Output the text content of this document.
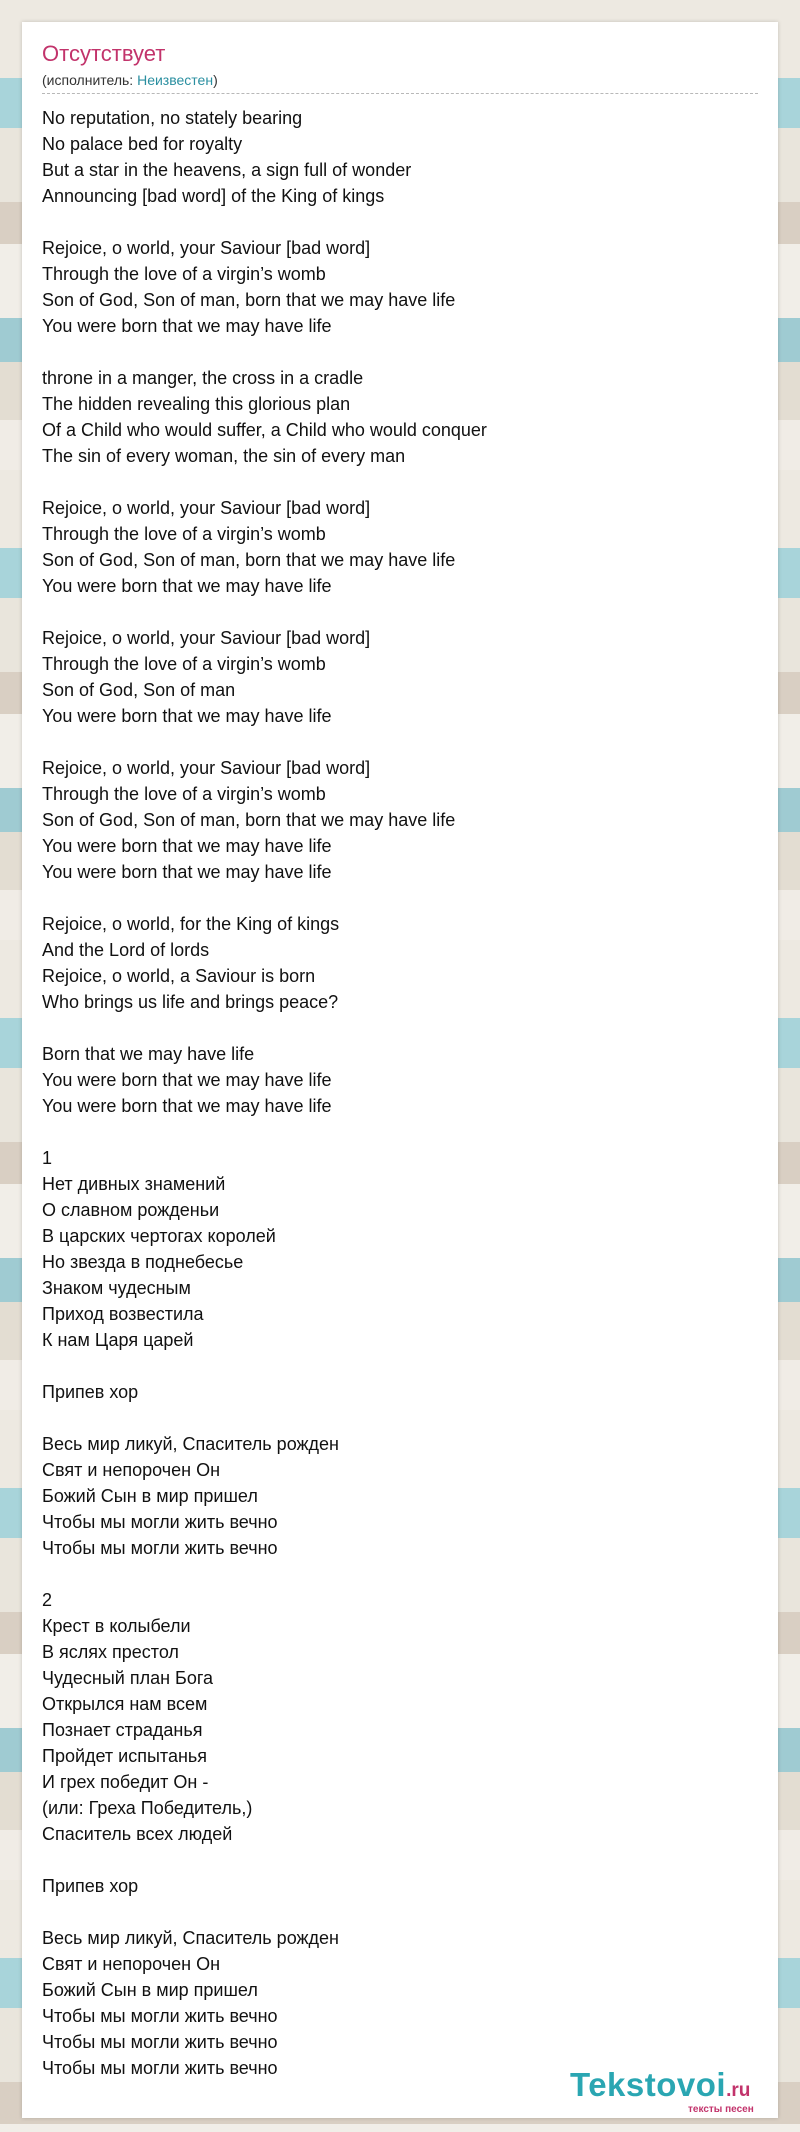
Отсутствует
(исполнитель: Неизвестен)
No reputation, no stately bearing
No palace bed for royalty
But a star in the heavens, a sign full of wonder
Announcing [bad word] of the King of kings
Rejoice, o world, your Saviour [bad word]
Through the love of a virgin’s womb
Son of God, Son of man, born that we may have life
You were born that we may have life
throne in a manger, the cross in a cradle
The hidden revealing this glorious plan
Of a Child who would suffer, a Child who would conquer
The sin of every woman, the sin of every man
Rejoice, o world, your Saviour [bad word]
Through the love of a virgin’s womb
Son of God, Son of man, born that we may have life
You were born that we may have life
Rejoice, o world, your Saviour [bad word]
Through the love of a virgin’s womb
Son of God, Son of man
You were born that we may have life
Rejoice, o world, your Saviour [bad word]
Through the love of a virgin’s womb
Son of God, Son of man, born that we may have life
You were born that we may have life
You were born that we may have life
Rejoice, o world, for the King of kings
And the Lord of lords
Rejoice, o world, a Saviour is born
Who brings us life and brings peace?
Born that we may have life
You were born that we may have life
You were born that we may have life
1
Нет дивных знамений
О славном рожденьи
В царских чертогах королей
Но звезда в поднебесье
Знаком чудесным
Приход возвестила
К нам Царя царей
Припев хор
Весь мир ликуй, Спаситель рожден
Свят и непорочен Он
Божий Сын в мир пришел
Чтобы мы могли жить вечно
Чтобы мы могли жить вечно
2
Крест в колыбели
В яслях престол
Чудесный план Бога
Открылся нам всем
Познает страданья
Пройдет испытанья
И грех победит Он -
(или: Греха Победитель,)
Спаситель всех людей
Припев хор
Весь мир ликуй, Спаситель рожден
Свят и непорочен Он
Божий Сын в мир пришел
Чтобы мы могли жить вечно
Чтобы мы могли жить вечно
Чтобы мы могли жить вечно	Tekstovoi.ru
тексты песен
